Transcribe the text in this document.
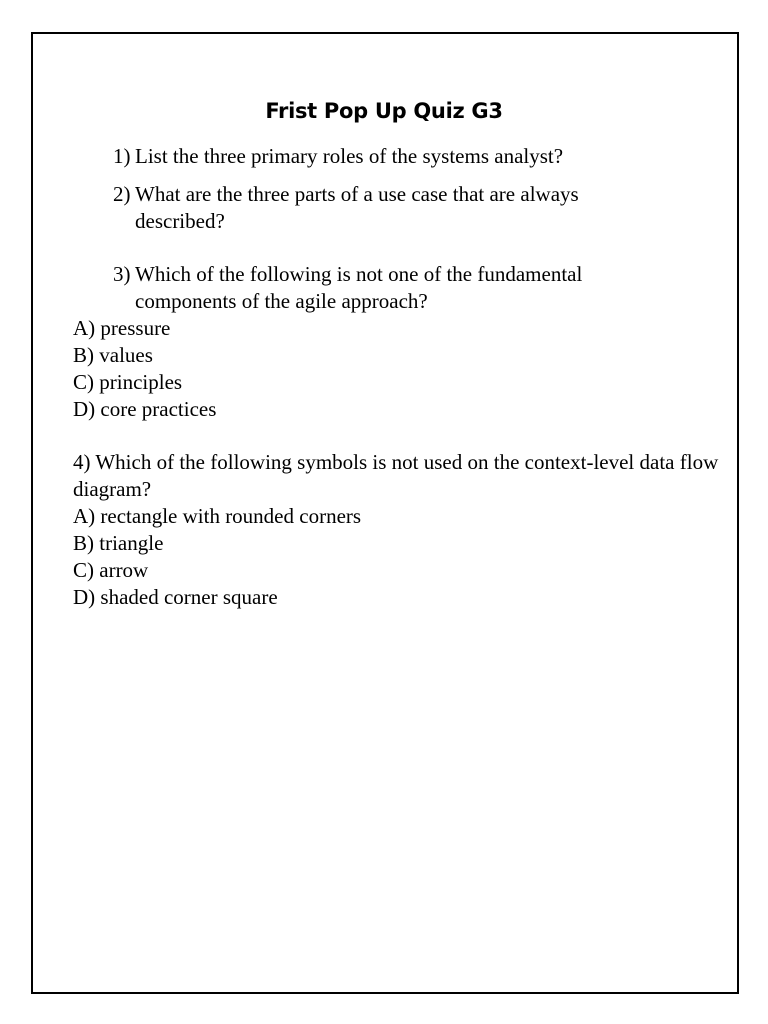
Frist Pop Up Quiz G3
1) List the three primary roles of the systems analyst?
2) What are the three parts of a use case that are always described?
3) Which of the following is not one of the fundamental components of the agile approach?
A) pressure
B) values
C) principles
D) core practices
4) Which of the following symbols is not used on the context-level data flow diagram?
A) rectangle with rounded corners
B) triangle
C) arrow
D) shaded corner square
